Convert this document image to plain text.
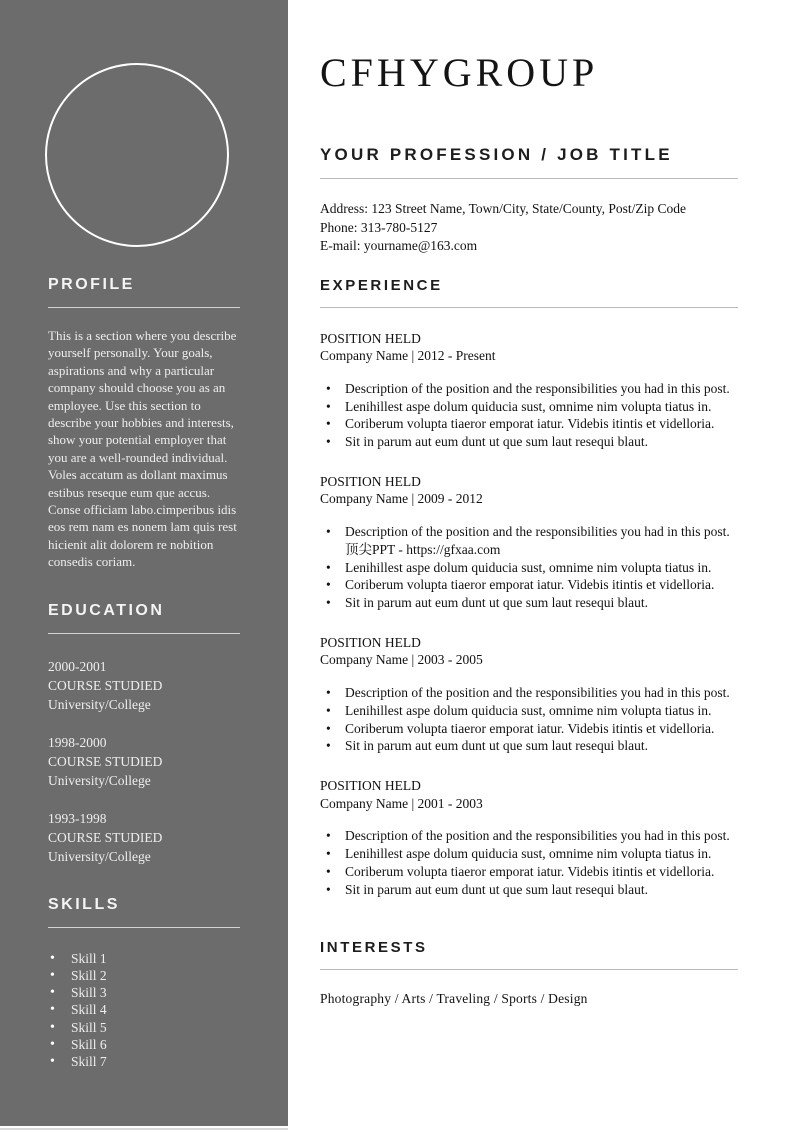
PROFILE

This is a section where you describe yourself personally. Your goals, aspirations and why a particular company should choose you as an employee. Use this section to describe your hobbies and interests, show your potential employer that you are a well-rounded individual. Voles accatum as dollant maximus estibus reseque eum que accus. Conse officiam labo.cimperibus idis eos rem nam es nonem lam quis rest hicienit alit dolorem re nobition consedis coriam.

EDUCATION
2000-2001
COURSE STUDIED
University/College
1998-2000
COURSE STUDIED
University/College
1993-1998
COURSE STUDIED
University/College
SKILLS
• Skill 1
• Skill 2
• Skill 3
• Skill 4
• Skill 5
• Skill 6
• Skill 7
CFHYGROUP
YOUR PROFESSION / JOB TITLE
Address: 123 Street Name, Town/City, State/County, Post/Zip Code
Phone: 313-780-5127
E-mail: yourname@163.com
EXPERIENCE
POSITION HELD
Company Name | 2012 - Present
• Description of the position and the responsibilities you had in this post.
• Lenihillest aspe dolum quiducia sust, omnime nim volupta tiatus in.
• Coriberum volupta tiaeror emporat iatur. Videbis itintis et videlloria.
• Sit in parum aut eum dunt ut que sum laut resequi blaut.
POSITION HELD
Company Name | 2009 - 2012
• Description of the position and the responsibilities you had in this post. 顶尖PPT - https://gfxaa.com
• Lenihillest aspe dolum quiducia sust, omnime nim volupta tiatus in.
• Coriberum volupta tiaeror emporat iatur. Videbis itintis et videlloria.
• Sit in parum aut eum dunt ut que sum laut resequi blaut.
POSITION HELD
Company Name | 2003 - 2005
• Description of the position and the responsibilities you had in this post.
• Lenihillest aspe dolum quiducia sust, omnime nim volupta tiatus in.
• Coriberum volupta tiaeror emporat iatur. Videbis itintis et videlloria.
• Sit in parum aut eum dunt ut que sum laut resequi blaut.
POSITION HELD
Company Name | 2001 - 2003
• Description of the position and the responsibilities you had in this post.
• Lenihillest aspe dolum quiducia sust, omnime nim volupta tiatus in.
• Coriberum volupta tiaeror emporat iatur. Videbis itintis et videlloria.
• Sit in parum aut eum dunt ut que sum laut resequi blaut.
INTERESTS

Photography / Arts / Traveling / Sports / Design
